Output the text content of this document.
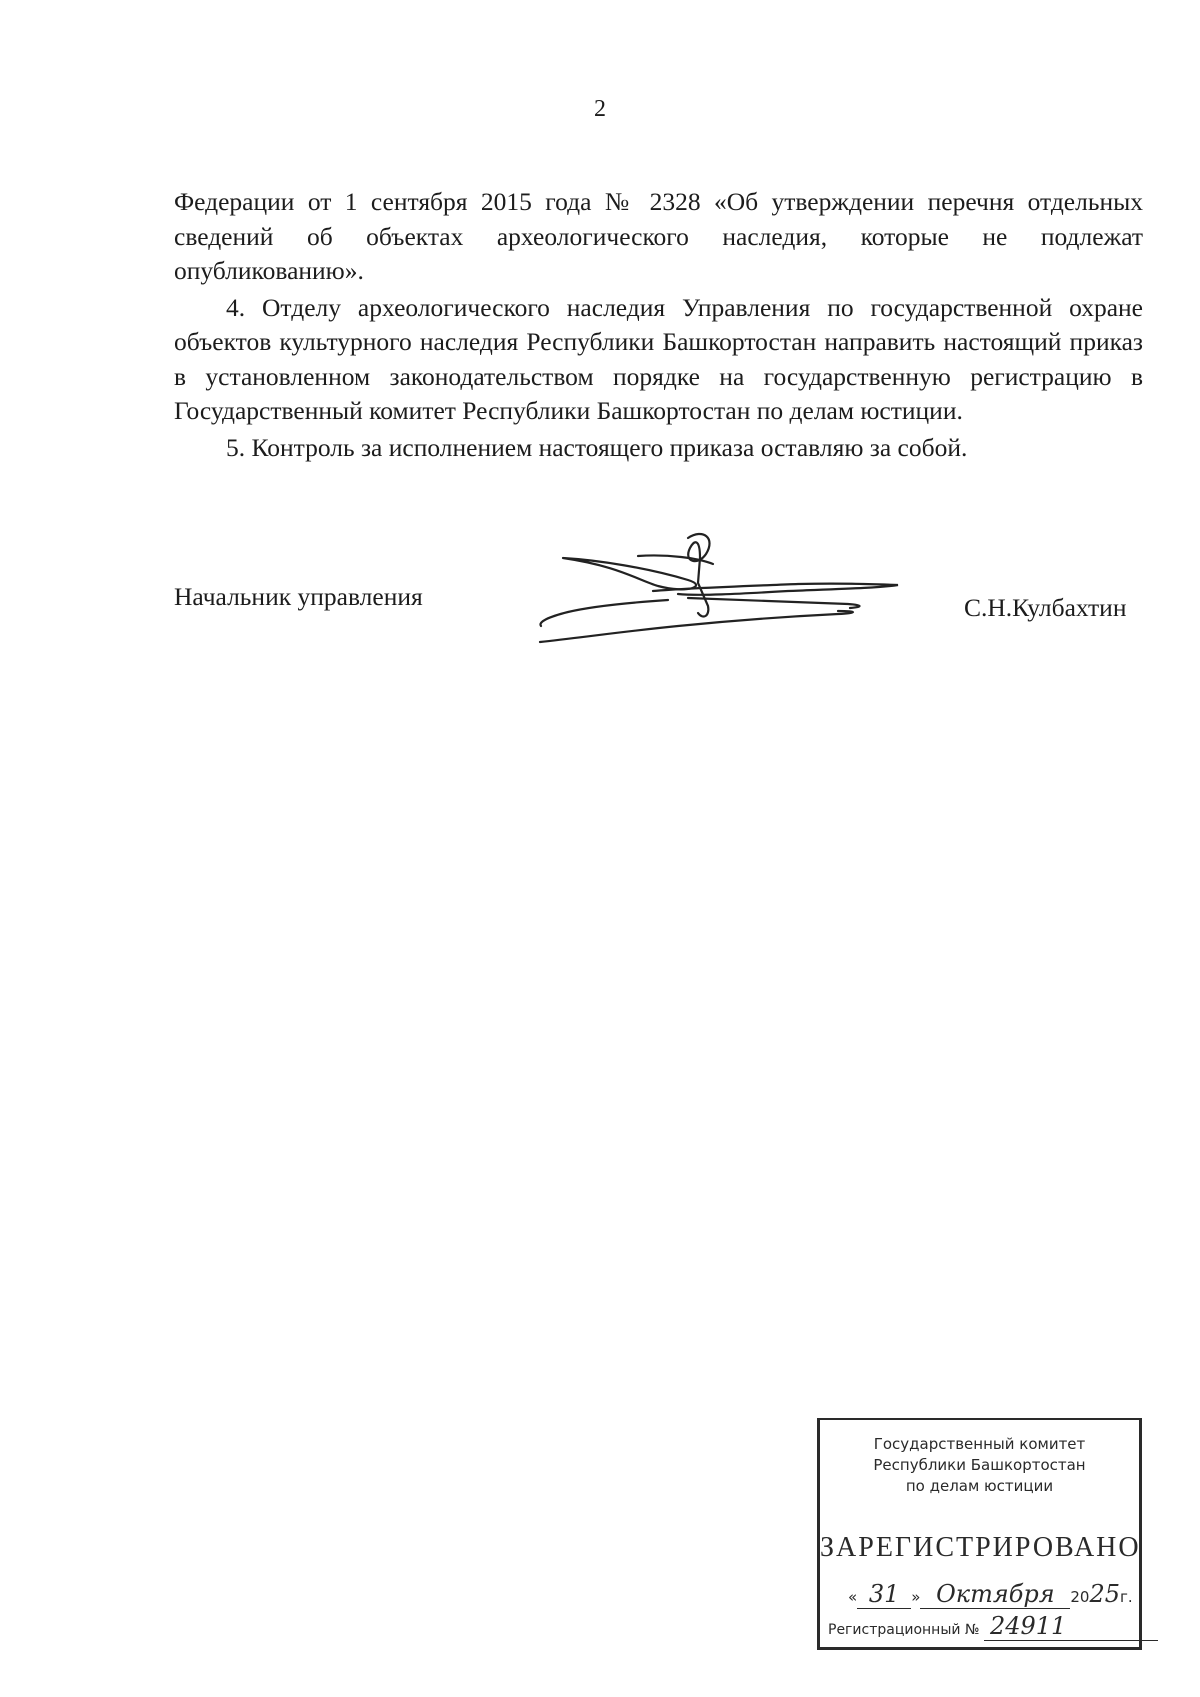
2

Федерации от 1 сентября 2015 года № 2328 «Об утверждении перечня отдельных сведений об объектах археологического наследия, которые не подлежат опубликованию».

4. Отделу археологического наследия Управления по государственной охране объектов культурного наследия Республики Башкортостан направить настоящий приказ в установленном законодательством порядке на государственную регистрацию в Государственный комитет Республики Башкортостан по делам юстиции.

5. Контроль за исполнением настоящего приказа оставляю за собой.

Начальник управления	С.Н.Кулбахтин
Государственный комитет
Республики Башкортостан
по делам юстиции
ЗАРЕГИСТРИРОВАНО
« 31 » Октября 2025г.
Регистрационный № 24911
